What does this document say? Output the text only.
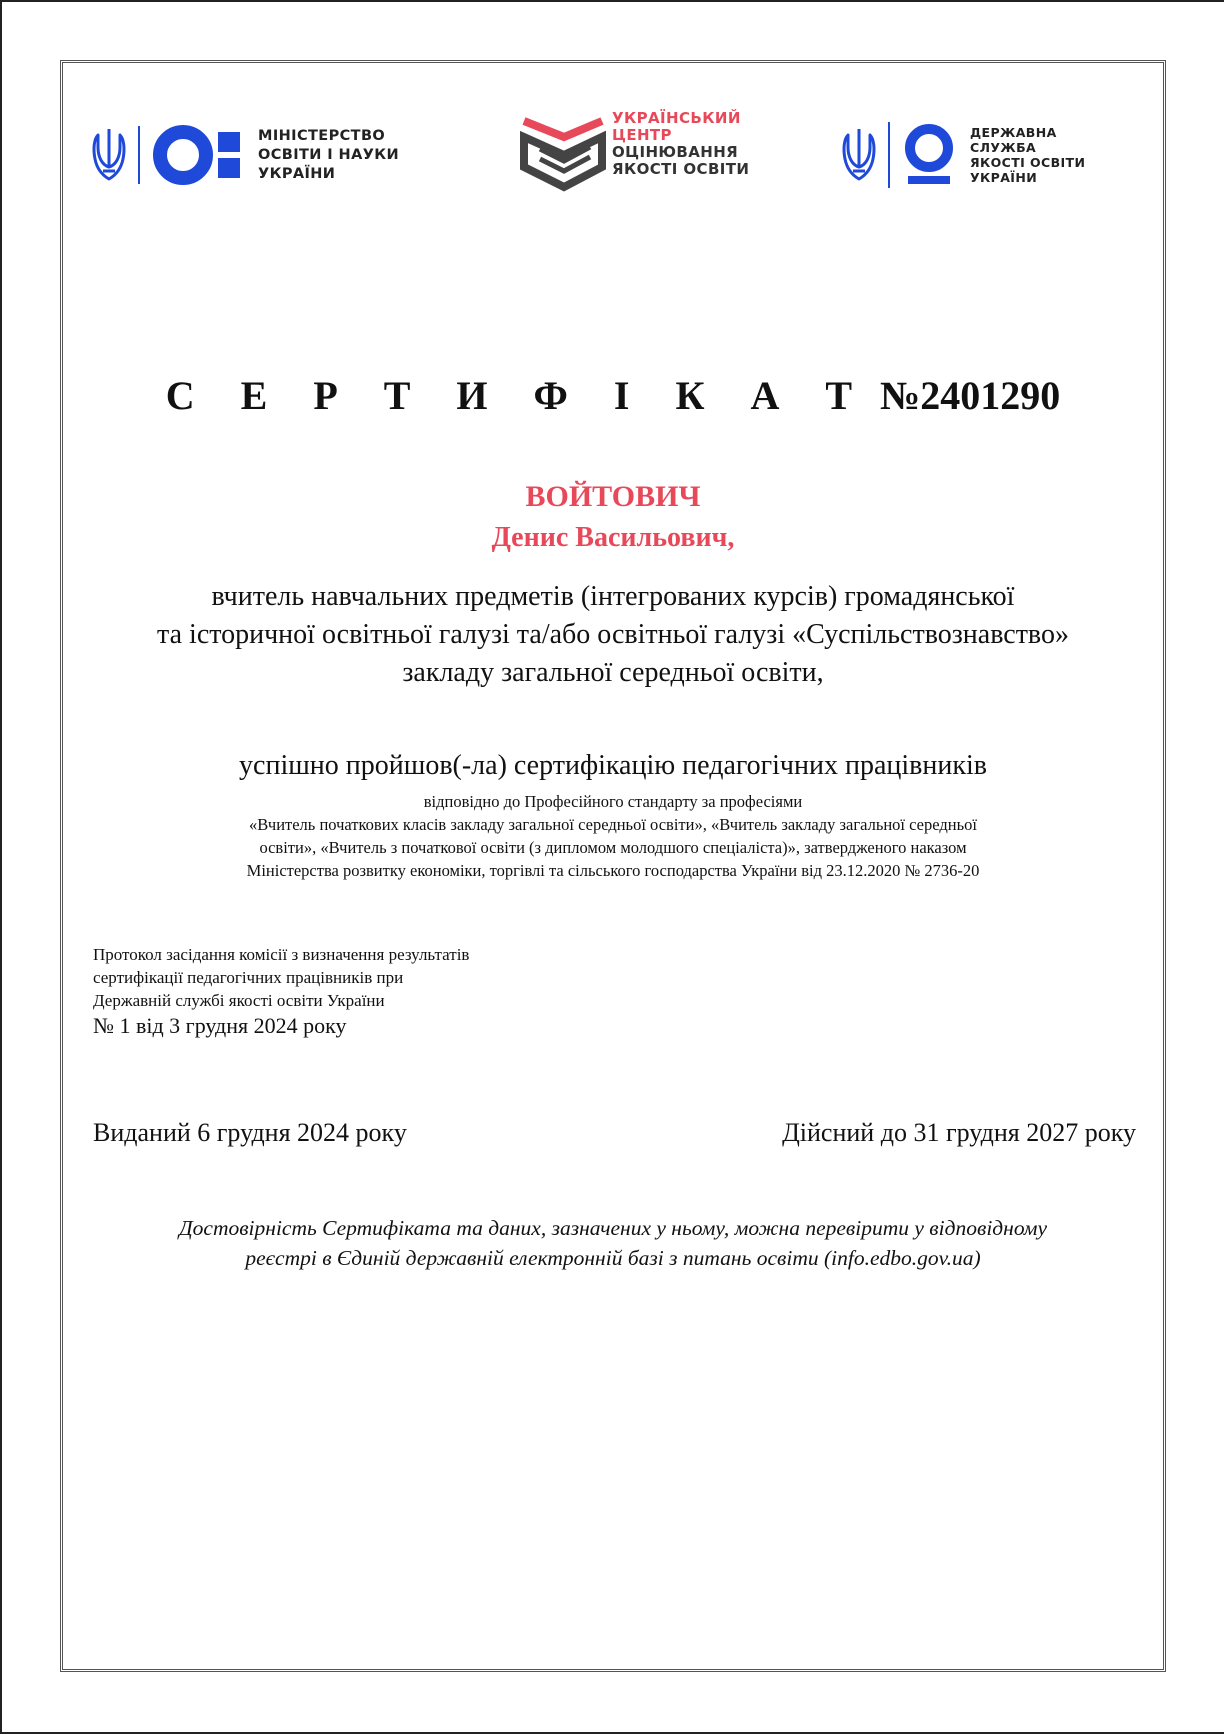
МІНІСТЕРСТВО
ОСВІТИ І НАУКИ
УКРАЇНИ
УКРАЇНСЬКИЙ
ЦЕНТР
ОЦІНЮВАННЯ
ЯКОСТІ ОСВІТИ
ДЕРЖАВНА
СЛУЖБА
ЯКОСТІ ОСВІТИ
УКРАЇНИ
С Е Р Т И Ф І К А Т №2401290
ВОЙТОВИЧ
Денис Васильович,
вчитель навчальних предметів (інтегрованих курсів) громадянської
та історичної освітньої галузі та/або освітньої галузі «Суспільствознавство»
закладу загальної середньої освіти,
успішно пройшов(-ла) сертифікацію педагогічних працівників
відповідно до Професійного стандарту за професіями
«Вчитель початкових класів закладу загальної середньої освіти», «Вчитель закладу загальної середньої
освіти», «Вчитель з початкової освіти (з дипломом молодшого спеціаліста)», затвердженого наказом
Міністерства розвитку економіки, торгівлі та сільського господарства України від 23.12.2020 № 2736-20
Протокол засідання комісії з визначення результатів
сертифікації педагогічних працівників при
Державній службі якості освіти України
№ 1 від 3 грудня 2024 року
Виданий 6 грудня 2024 року	Дійсний до 31 грудня 2027 року
Достовірність Сертифіката та даних, зазначених у ньому, можна перевірити у відповідному
реєстрі в Єдиній державній електронній базі з питань освіти (info.edbo.gov.ua)
